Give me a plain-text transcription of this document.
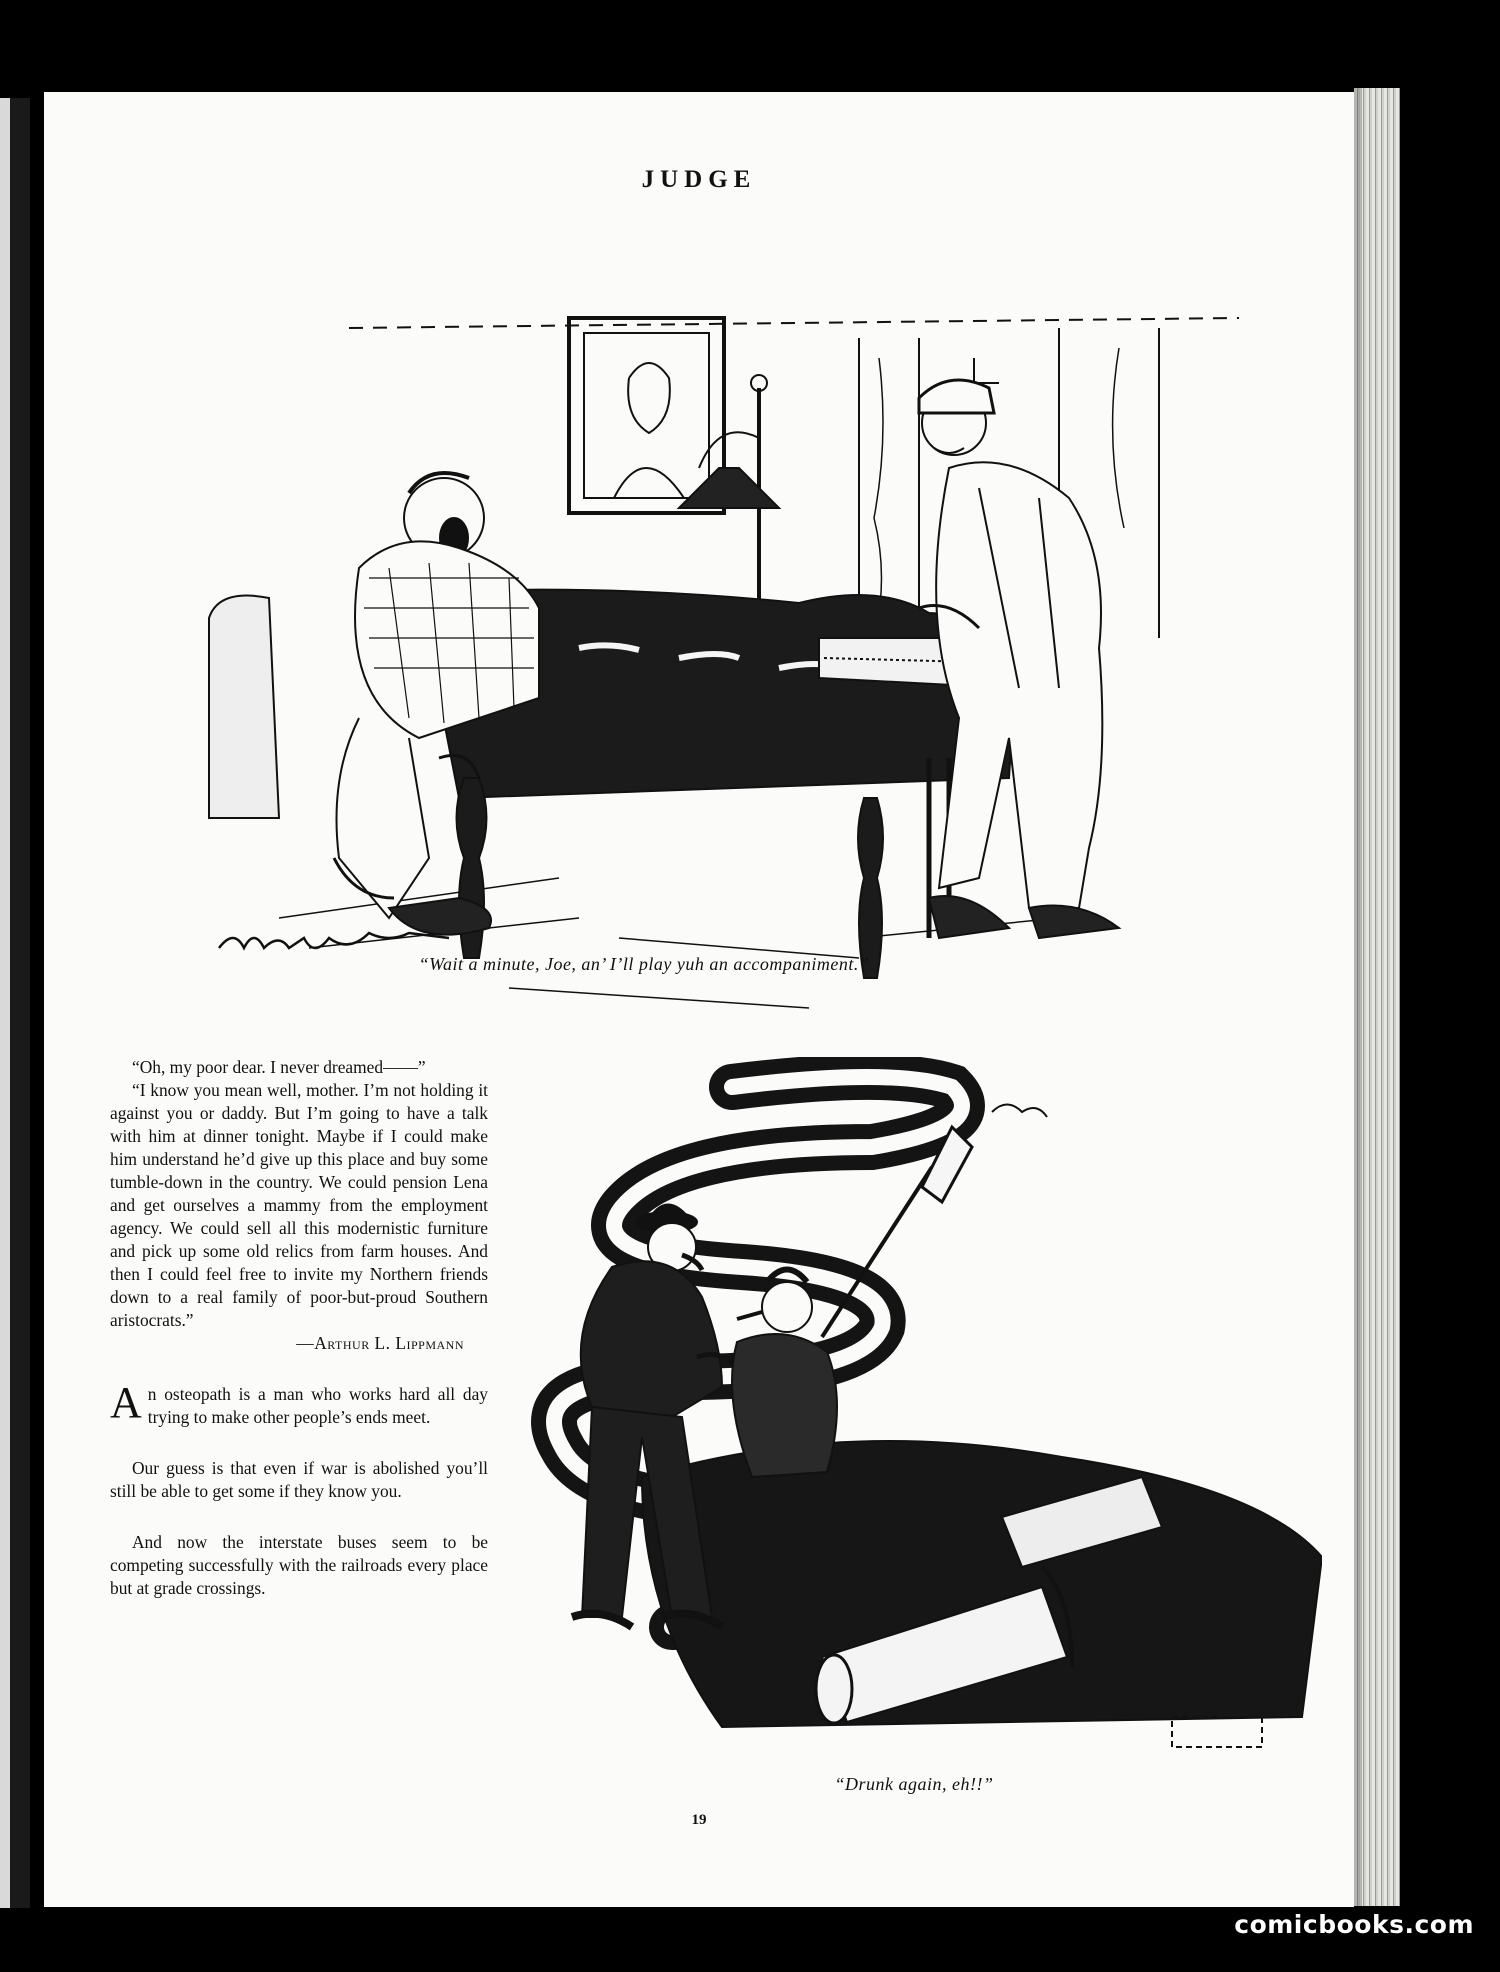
JUDGE
“Wait a minute, Joe, an’ I’ll play yuh an accompaniment.”

“Oh, my poor dear. I never dreamed——”

“I know you mean well, mother. I’m not holding it against you or daddy. But I’m going to have a talk with him at dinner tonight. Maybe if I could make him understand he’d give up this place and buy some tumble-down in the country. We could pension Lena and get ourselves a mammy from the employment agency. We could sell all this modernistic furniture and pick up some old relics from farm houses. And then I could feel free to invite my Northern friends down to a real family of poor-but-proud Southern aristocrats.”

—Arthur L. Lippmann

An osteopath is a man who works hard all day trying to make other people’s ends meet.

Our guess is that even if war is abolished you’ll still be able to get some if they know you.

And now the interstate buses seem to be competing successfully with the railroads every place but at grade crossings.

“Drunk again, eh!!”
19
comicbooks.com
